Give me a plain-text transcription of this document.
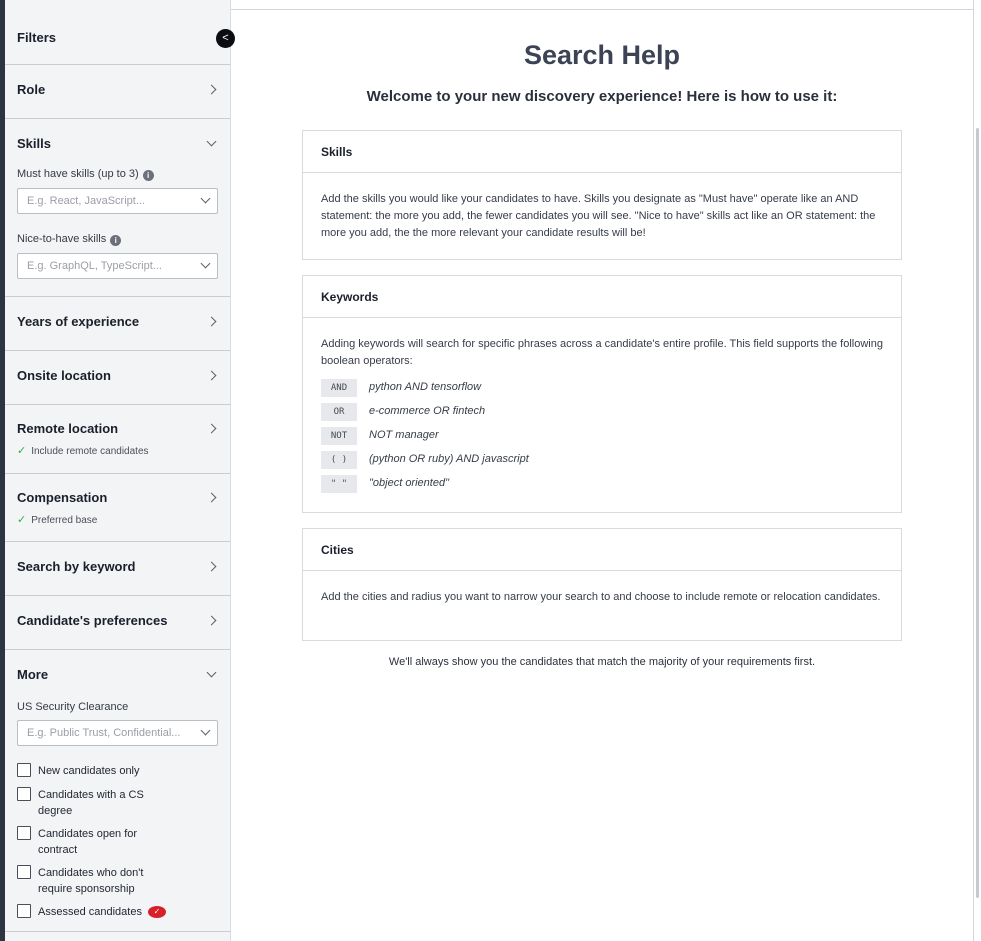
Filters
Role
Skills
Must have skills (up to 3) i
E.g. React, JavaScript...
Nice-to-have skills i
E.g. GraphQL, TypeScript...
Years of experience
Onsite location
Remote location
✓ Include remote candidates
Compensation
✓ Preferred base
Search by keyword
Candidate's preferences
More
US Security Clearance
E.g. Public Trust, Confidential...
New candidates only
Candidates with a CS
degree
Candidates open for
contract
Candidates who don't
require sponsorship
Assessed candidates ✓
<
Search Help
Welcome to your new discovery experience! Here is how to use it:
Skills
Add the skills you would like your candidates to have. Skills you designate as "Must have" operate like an AND statement: the more you add, the fewer candidates you will see. "Nice to have" skills act like an OR statement: the more you add, the the more relevant your candidate results will be!
Keywords
Adding keywords will search for specific phrases across a candidate's entire profile. This field supports the following boolean operators:
AND	python AND tensorflow
OR	e-commerce OR fintech
NOT	NOT manager
( )	(python OR ruby) AND javascript
" "	"object oriented"
Cities
Add the cities and radius you want to narrow your search to and choose to include remote or relocation candidates.

We'll always show you the candidates that match the majority of your requirements first.
